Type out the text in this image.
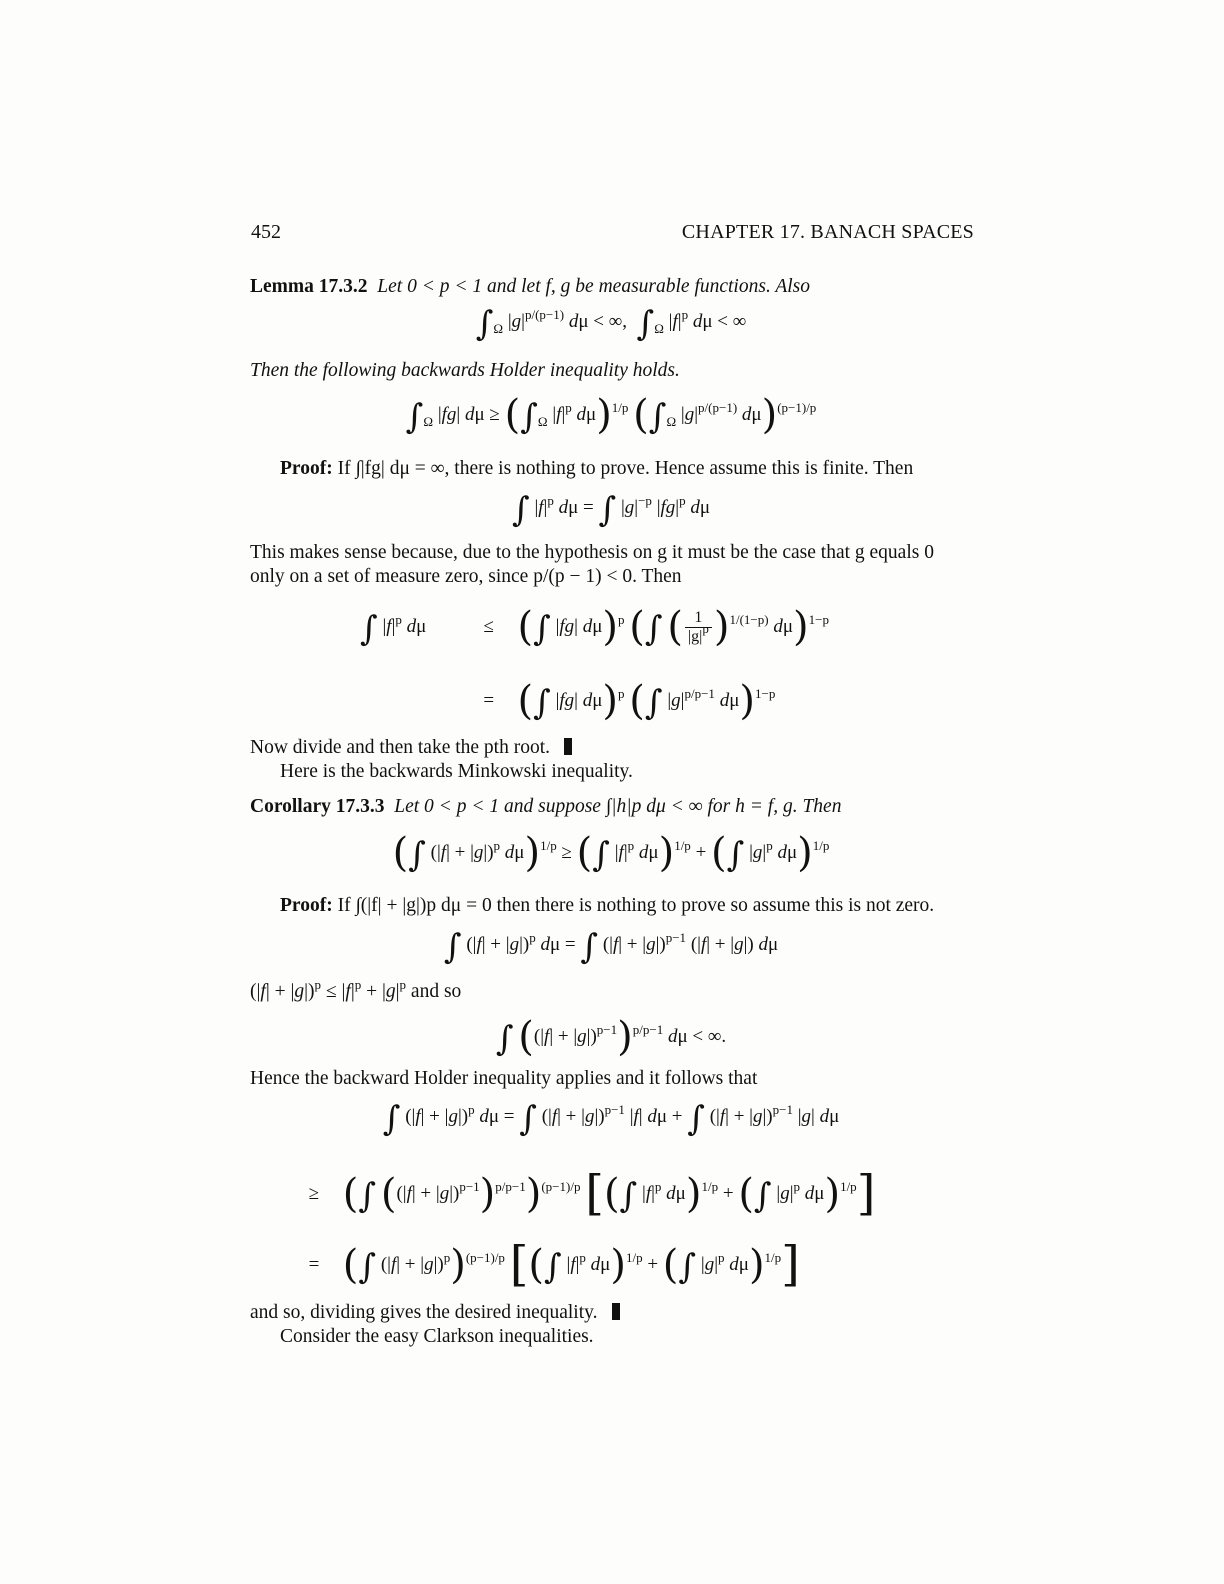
452	CHAPTER 17. BANACH SPACES
Lemma 17.3.2 Let 0 < p < 1 and let f, g be measurable functions. Also
$\int_\Omega$ $|g|^{p/(p-1)}$ dμ < ∞,  $\int_\Omega$ $|f|^p$ dμ < ∞
Then the following backwards Holder inequality holds.
$\int_\Omega$ |fg| $d\mu \ge (\int_\Omega$ $|f|^p$ dμ)$^{1/p}$ ($\int_\Omega$ $|g|^{p/(p-1)}$ dμ)$^{(p-1)/p}$
Proof: If ∫|fg| dμ = ∞, there is nothing to prove. Hence assume this is finite. Then
∫ $|f|^p$ dμ = ∫ $|g|^{-p}$ $|fg|^p$ dμ
This makes sense because, due to the hypothesis on g it must be the case that g equals 0
only on a set of measure zero, since p/(p − 1) < 0. Then
∫ $|f|^p$ dμ	≤ (∫ |fg| dμ)$^p$ (∫ ( $\frac{1}{|g|^p} )^{1/(1-p)}$ dμ)$^{1-p}$
= (∫ |fg| dμ)$^p$ (∫ $|g|^{p/p-1}$ dμ)$^{1-p}$
Now divide and then take the pth root.
Here is the backwards Minkowski inequality.
Corollary 17.3.3 Let 0 < p < 1 and suppose ∫|h|p dμ < ∞ for h = f, g. Then
(∫ $(|f| + |g|)^p$ dμ)$^{1/p}$ ≥ (∫ $|f|^p$ dμ)$^{1/p}$ + (∫ $|g|^p$ dμ)$^{1/p}$
Proof: If ∫(|f| + |g|)p dμ = 0 then there is nothing to prove so assume this is not zero.
∫ $(|f| + |g|)^p$ dμ = ∫ $(|f| + |g|)^{p-1}$ (|f| + |g|) dμ
$(|f| + |g|)^p \le |f|^p + |g|^p$ and so
∫ $((|f| + |g|)^{p-1})^{p/p-1}$ dμ < ∞.
Hence the backward Holder inequality applies and it follows that
∫ $(|f| + |g|)^p$ dμ = ∫ $(|f| + |g|)^{p-1}$ |f| dμ + ∫ $(|f| + |g|)^{p-1}$ |g| dμ
≥ (∫ $((|f| + |g|)^{p-1})^{p/p-1})^{(p-1)/p}$ [(∫ $|f|^p$ dμ)$^{1/p}$ + (∫ $|g|^p$ dμ)$^{1/p}$]
= (∫ $(|f| + |g|)^p)^{(p-1)/p}$ [(∫ $|f|^p$ dμ)$^{1/p}$ + (∫ $|g|^p$ dμ)$^{1/p}$]
and so, dividing gives the desired inequality.
Consider the easy Clarkson inequalities.
